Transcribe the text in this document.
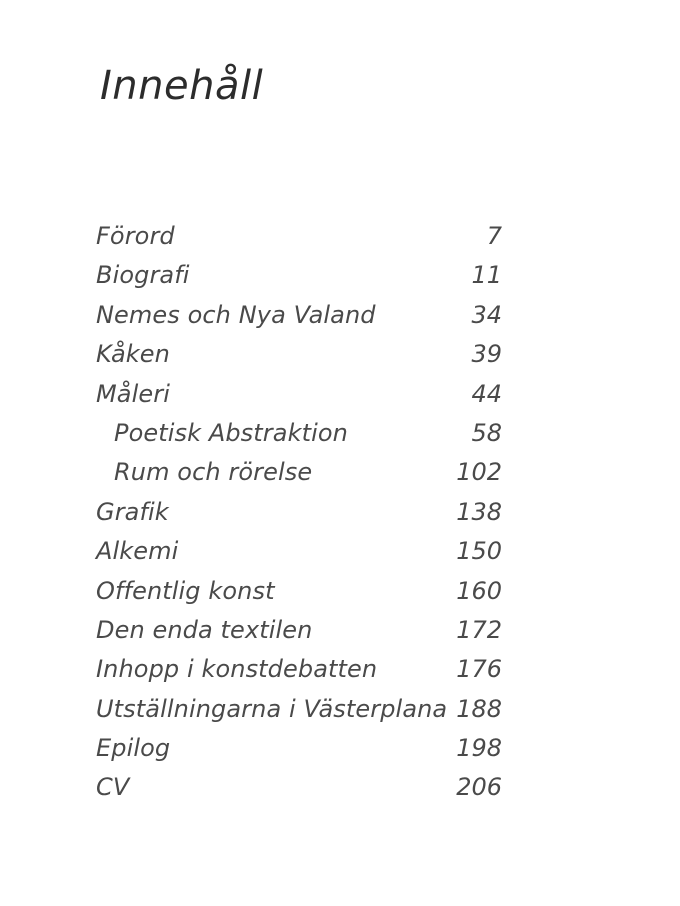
Innehåll
Förord	7
Biografi	11
Nemes och Nya Valand	34
Kåken	39
Måleri	44
Poetisk Abstraktion	58
Rum och rörelse	102
Grafik	138
Alkemi	150
Offentlig konst	160
Den enda textilen	172
Inhopp i konstdebatten	176
Utställningarna i Västerplana 188
Epilog	198
CV	206
